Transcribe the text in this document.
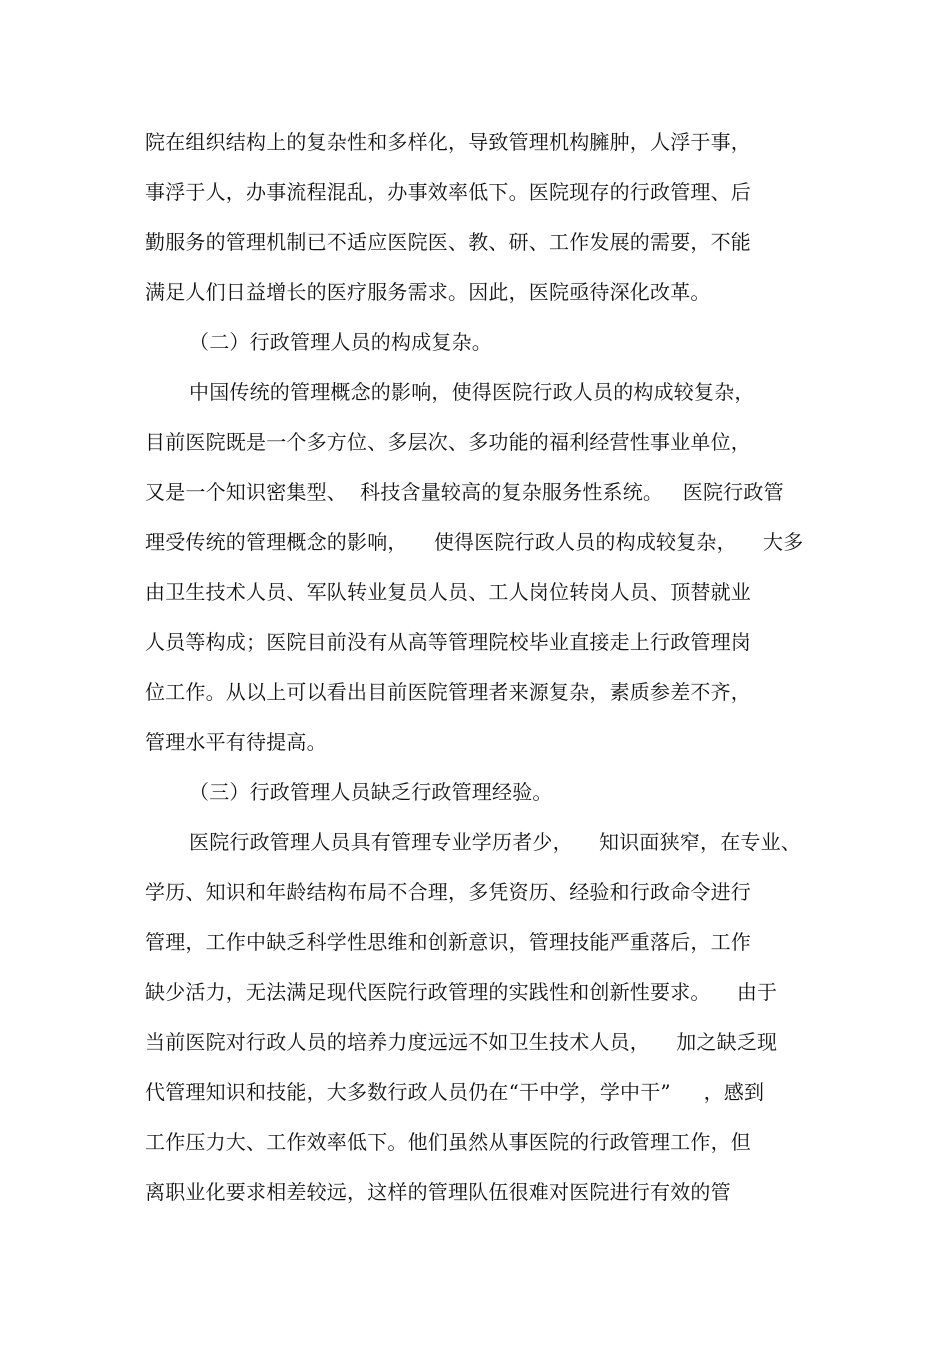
院在组织结构上的复杂性和多样化，导致管理机构臃肿，人浮于事，
事浮于人，办事流程混乱，办事效率低下。医院现存的行政管理、后
勤服务的管理机制已不适应医院医、教、研、工作发展的需要，不能
满足人们日益增长的医疗服务需求。因此，医院亟待深化改革。
（二）行政管理人员的构成复杂。
中国传统的管理概念的影响，使得医院行政人员的构成较复杂，
目前医院既是一个多方位、多层次、多功能的福利经营性事业单位，
又是一个知识密集型、  科技含量较高的复杂服务性系统。   医院行政管
理受传统的管理概念的影响，    使得医院行政人员的构成较复杂，    大多
由卫生技术人员、军队转业复员人员、工人岗位转岗人员、顶替就业
人员等构成；医院目前没有从高等管理院校毕业直接走上行政管理岗
位工作。从以上可以看出目前医院管理者来源复杂，素质参差不齐，
管理水平有待提高。
（三）行政管理人员缺乏行政管理经验。
医院行政管理人员具有管理专业学历者少，    知识面狭窄，在专业、
学历、知识和年龄结构布局不合理，多凭资历、经验和行政命令进行
管理，工作中缺乏科学性思维和创新意识，管理技能严重落后，工作
缺少活力，无法满足现代医院行政管理的实践性和创新性要求。    由于
当前医院对行政人员的培养力度远远不如卫生技术人员，    加之缺乏现
代管理知识和技能，大多数行政人员仍在“干中学，学中干”     ，感到
工作压力大、工作效率低下。他们虽然从事医院的行政管理工作，但
离职业化要求相差较远，这样的管理队伍很难对医院进行有效的管
